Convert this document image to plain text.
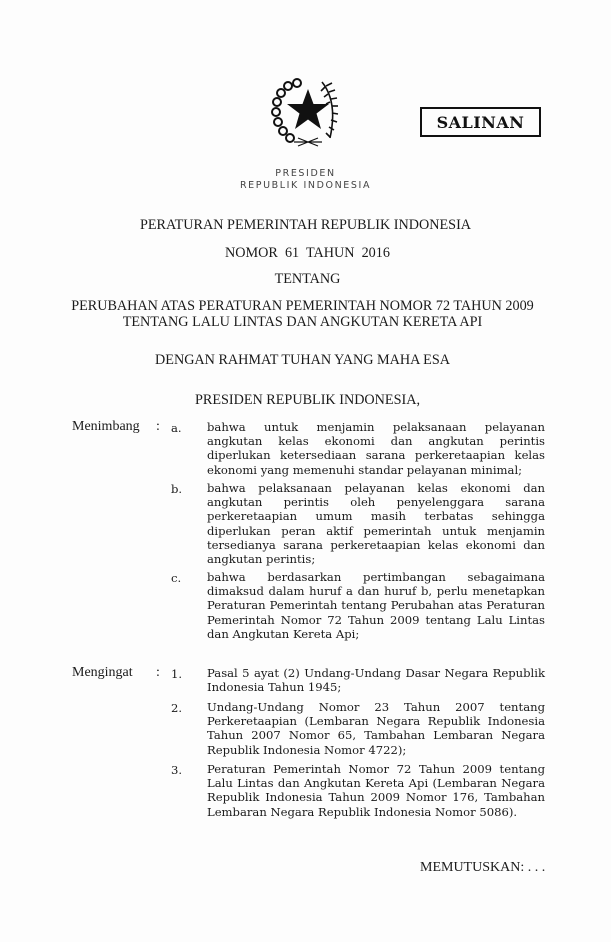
SALINAN
PRESIDEN
REPUBLIK INDONESIA
PERATURAN PEMERINTAH REPUBLIK INDONESIA
NOMOR  61  TAHUN  2016
TENTANG
PERUBAHAN ATAS PERATURAN PEMERINTAH NOMOR 72 TAHUN 2009
TENTANG LALU LINTAS DAN ANGKUTAN KERETA API
DENGAN RAHMAT TUHAN YANG MAHA ESA
PRESIDEN REPUBLIK INDONESIA,
Menimbang : a. bahwa untuk menjamin pelaksanaan pelayanan angkutan kelas ekonomi dan angkutan perintis diperlukan ketersediaan sarana perkeretaapian kelas ekonomi yang memenuhi standar pelayanan minimal;
b. bahwa pelaksanaan pelayanan kelas ekonomi dan angkutan perintis oleh penyelenggara sarana perkeretaapian umum masih terbatas sehingga diperlukan peran aktif pemerintah untuk menjamin tersedianya sarana perkeretaapian kelas ekonomi dan angkutan perintis;
c. bahwa berdasarkan pertimbangan sebagaimana dimaksud dalam huruf a dan huruf b, perlu menetapkan Peraturan Pemerintah tentang Perubahan atas Peraturan Pemerintah Nomor 72 Tahun 2009 tentang Lalu Lintas dan Angkutan Kereta Api;
Mengingat : 1. Pasal 5 ayat (2) Undang-Undang Dasar Negara Republik Indonesia Tahun 1945;
2. Undang-Undang Nomor 23 Tahun 2007 tentang Perkeretaapian (Lembaran Negara Republik Indonesia Tahun 2007 Nomor 65, Tambahan Lembaran Negara Republik Indonesia Nomor 4722);
3. Peraturan Pemerintah Nomor 72 Tahun 2009 tentang Lalu Lintas dan Angkutan Kereta Api (Lembaran Negara Republik Indonesia Tahun 2009 Nomor 176, Tambahan Lembaran Negara Republik Indonesia Nomor 5086).
MEMUTUSKAN: . . .
